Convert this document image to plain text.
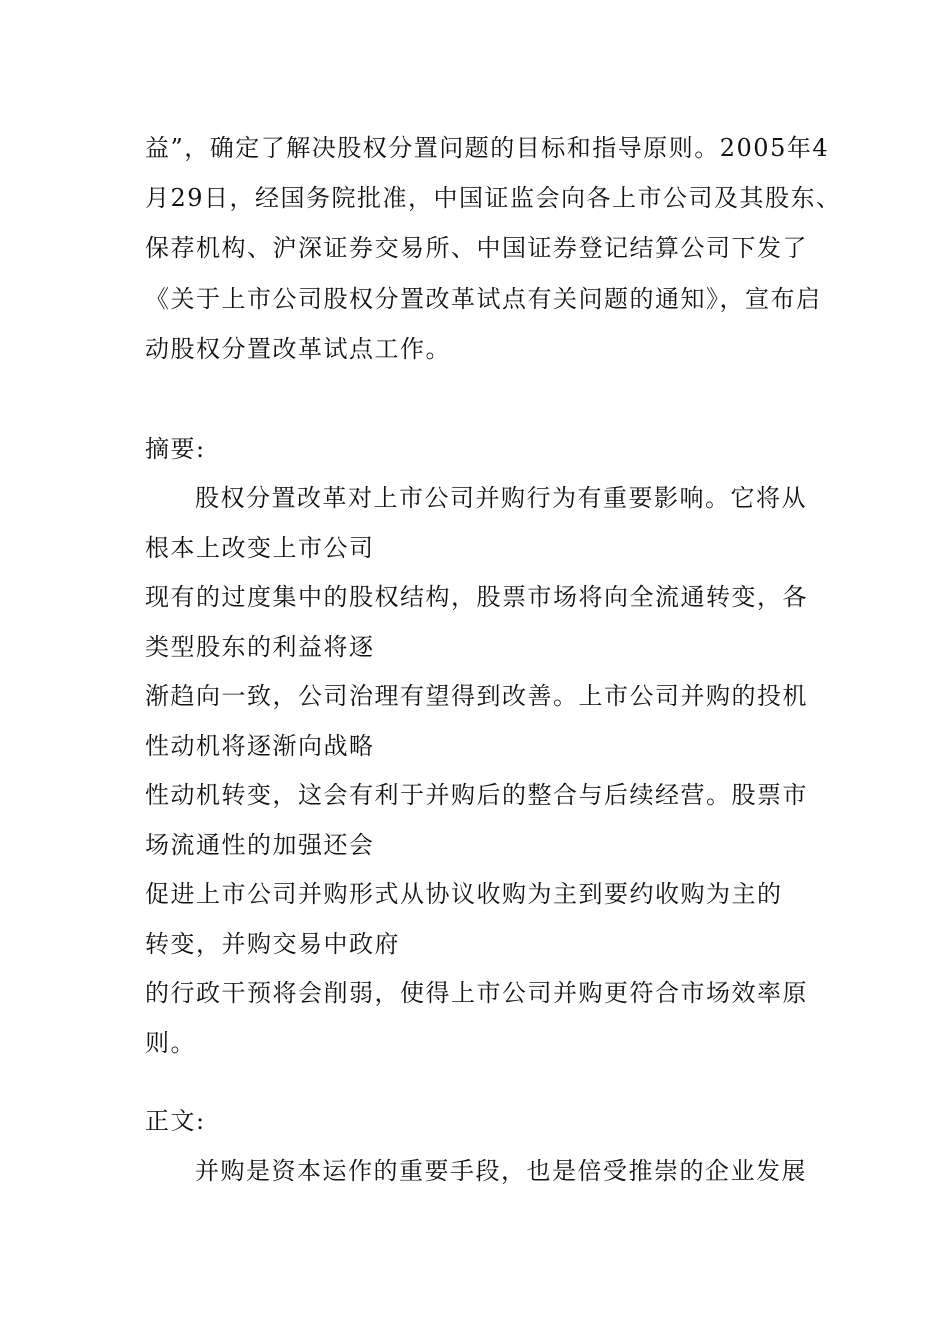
益”，确定了解决股权分置问题的目标和指导原则。2005年4
月29日，经国务院批准，中国证监会向各上市公司及其股东、
保荐机构、沪深证券交易所、中国证券登记结算公司下发了
《关于上市公司股权分置改革试点有关问题的通知》，宣布启
动股权分置改革试点工作。
摘要:
股权分置改革对上市公司并购行为有重要影响。它将从
根本上改变上市公司
现有的过度集中的股权结构，股票市场将向全流通转变，各
类型股东的利益将逐
渐趋向一致，公司治理有望得到改善。上市公司并购的投机
性动机将逐渐向战略
性动机转变，这会有利于并购后的整合与后续经营。股票市
场流通性的加强还会
促进上市公司并购形式从协议收购为主到要约收购为主的
转变，并购交易中政府
的行政干预将会削弱，使得上市公司并购更符合市场效率原
则。
正文:
并购是资本运作的重要手段，也是倍受推崇的企业发展
